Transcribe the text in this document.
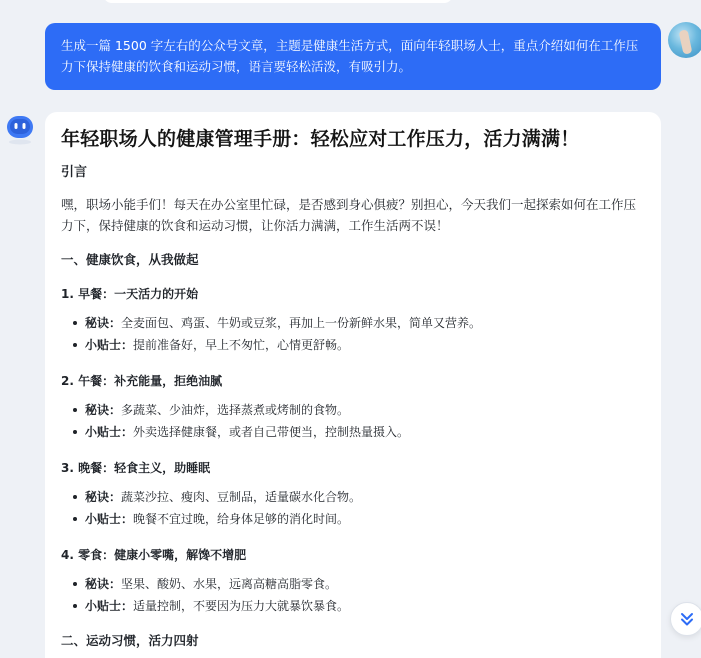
生成一篇 1500 字左右的公众号文章，主题是健康生活方式，面向年轻职场人士，重点介绍如何在工作压力下保持健康的饮食和运动习惯，语言要轻松活泼，有吸引力。
年轻职场人的健康管理手册：轻松应对工作压力，活力满满！
引言
嘿，职场小能手们！每天在办公室里忙碌，是否感到身心俱疲？别担心，今天我们一起探索如何在工作压力下，保持健康的饮食和运动习惯，让你活力满满，工作生活两不误！
一、健康饮食，从我做起
1. 早餐：一天活力的开始
秘诀：全麦面包、鸡蛋、牛奶或豆浆，再加上一份新鲜水果，简单又营养。
小贴士：提前准备好，早上不匆忙，心情更舒畅。
2. 午餐：补充能量，拒绝油腻
秘诀：多蔬菜、少油炸，选择蒸煮或烤制的食物。
小贴士：外卖选择健康餐，或者自己带便当，控制热量摄入。
3. 晚餐：轻食主义，助睡眠
秘诀：蔬菜沙拉、瘦肉、豆制品，适量碳水化合物。
小贴士：晚餐不宜过晚，给身体足够的消化时间。
4. 零食：健康小零嘴，解馋不增肥
秘诀：坚果、酸奶、水果，远离高糖高脂零食。
小贴士：适量控制，不要因为压力大就暴饮暴食。
二、运动习惯，活力四射
